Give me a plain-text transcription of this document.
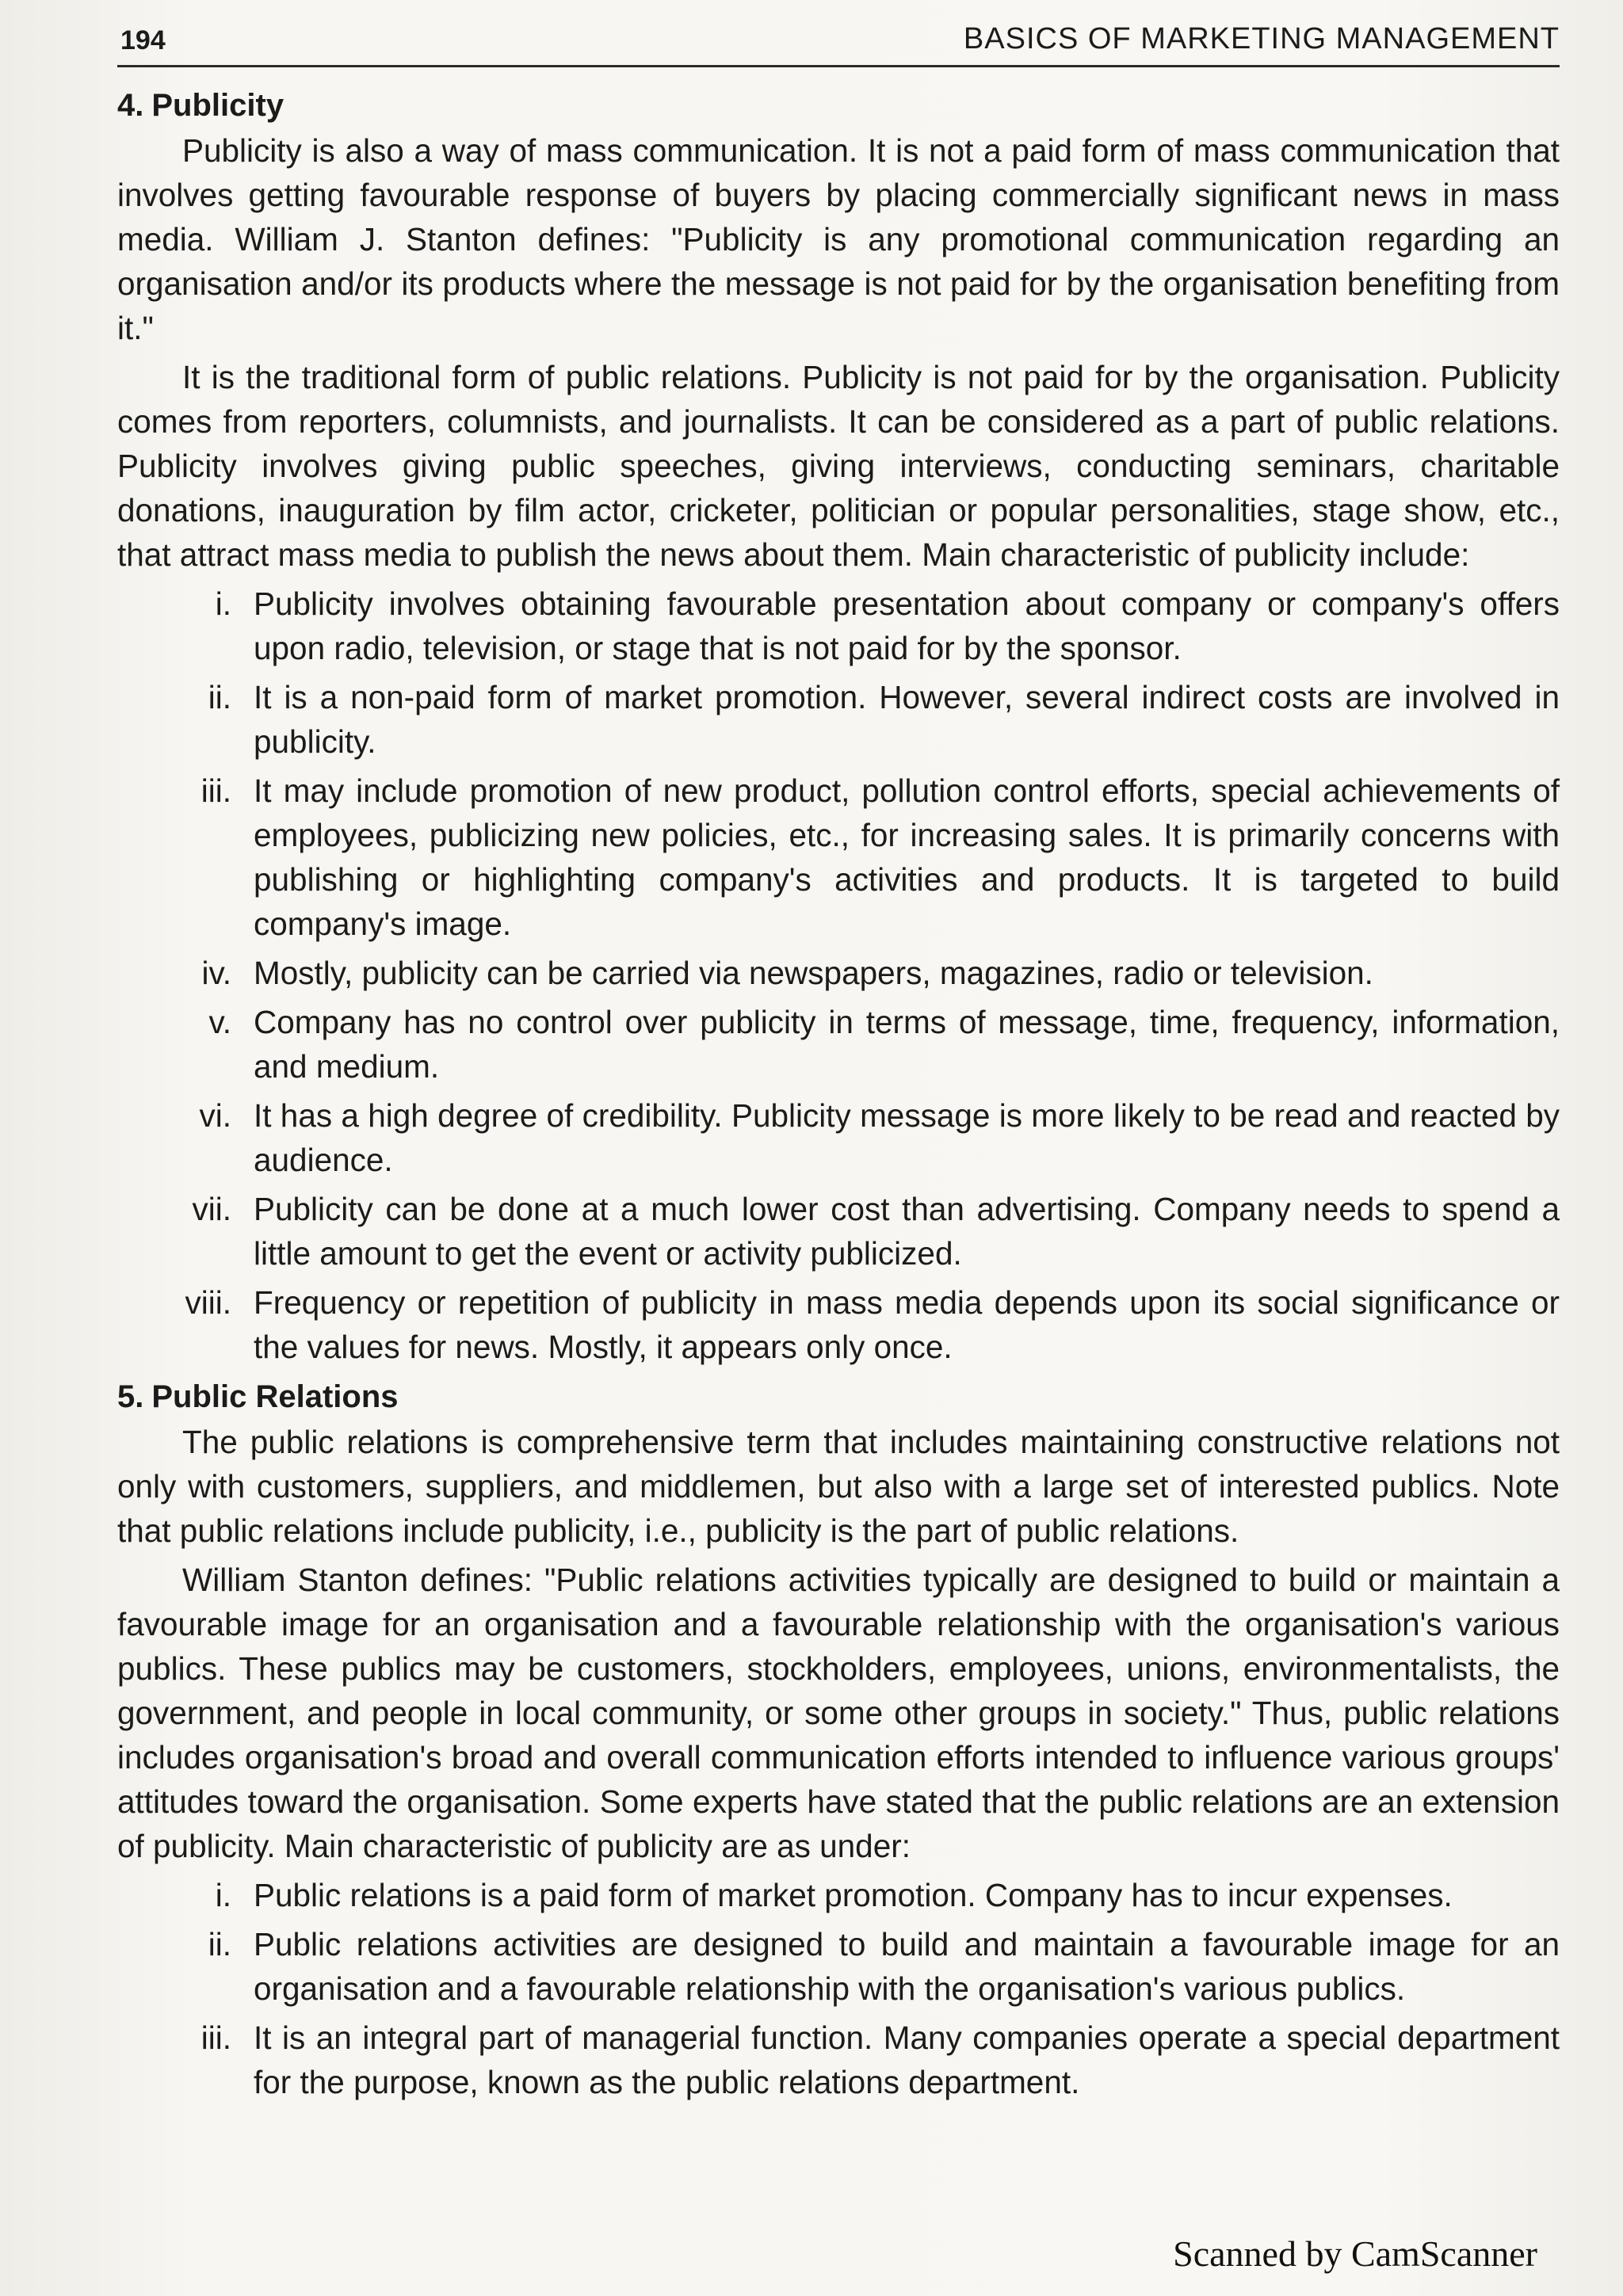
194	BASICS OF MARKETING MANAGEMENT
4. Publicity

Publicity is also a way of mass communication. It is not a paid form of mass communication that involves getting favourable response of buyers by placing commercially significant news in mass media. William J. Stanton defines: "Publicity is any promotional communication regarding an organisation and/or its products where the message is not paid for by the organisation benefiting from it."

It is the traditional form of public relations. Publicity is not paid for by the organisation. Publicity comes from reporters, columnists, and journalists. It can be considered as a part of public relations. Publicity involves giving public speeches, giving interviews, conducting seminars, charitable donations, inauguration by film actor, cricketer, politician or popular personalities, stage show, etc., that attract mass media to publish the news about them. Main characteristic of publicity include:

i. Publicity involves obtaining favourable presentation about company or company's offers upon radio, television, or stage that is not paid for by the sponsor.
ii. It is a non-paid form of market promotion. However, several indirect costs are involved in publicity.
iii. It may include promotion of new product, pollution control efforts, special achievements of employees, publicizing new policies, etc., for increasing sales. It is primarily concerns with publishing or highlighting company's activities and products. It is targeted to build company's image.
iv. Mostly, publicity can be carried via newspapers, magazines, radio or television.
v. Company has no control over publicity in terms of message, time, frequency, information, and medium.
vi. It has a high degree of credibility. Publicity message is more likely to be read and reacted by audience.
vii. Publicity can be done at a much lower cost than advertising. Company needs to spend a little amount to get the event or activity publicized.
viii. Frequency or repetition of publicity in mass media depends upon its social significance or the values for news. Mostly, it appears only once.
5. Public Relations

The public relations is comprehensive term that includes maintaining constructive relations not only with customers, suppliers, and middlemen, but also with a large set of interested publics. Note that public relations include publicity, i.e., publicity is the part of public relations.

William Stanton defines: "Public relations activities typically are designed to build or maintain a favourable image for an organisation and a favourable relationship with the organisation's various publics. These publics may be customers, stockholders, employees, unions, environmentalists, the government, and people in local community, or some other groups in society." Thus, public relations includes organisation's broad and overall communication efforts intended to influence various groups' attitudes toward the organisation. Some experts have stated that the public relations are an extension of publicity. Main characteristic of publicity are as under:

i. Public relations is a paid form of market promotion. Company has to incur expenses.
ii. Public relations activities are designed to build and maintain a favourable image for an organisation and a favourable relationship with the organisation's various publics.
iii. It is an integral part of managerial function. Many companies operate a special department for the purpose, known as the public relations department.
Scanned by CamScanner
